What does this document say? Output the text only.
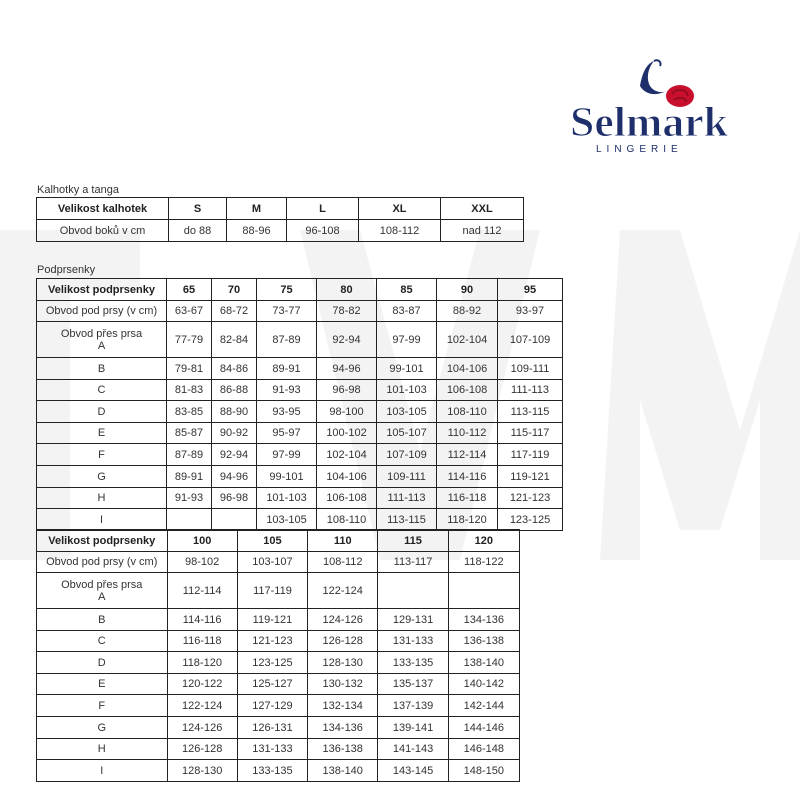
Selmark
LINGERIE
Kalhotky a tanga
Velikost kalhotek	S	M	L	XL	XXL
Obvod boků v cm	do 88	88-96	96-108	108-112	nad 112
Podprsenky
Velikost podprsenky	65	70	75	80	85	90	95
Obvod pod prsy (v cm)	63-67	68-72	73-77	78-82	83-87	88-92	93-97
Obvod přes prsa
A	77-79	82-84	87-89	92-94	97-99	102-104	107-109
B	79-81	84-86	89-91	94-96	99-101	104-106	109-111
C	81-83	86-88	91-93	96-98	101-103	106-108	111-113
D	83-85	88-90	93-95	98-100	103-105	108-110	113-115
E	85-87	90-92	95-97	100-102	105-107	110-112	115-117
F	87-89	92-94	97-99	102-104	107-109	112-114	117-119
G	89-91	94-96	99-101	104-106	109-111	114-116	119-121
H	91-93	96-98	101-103	106-108	111-113	116-118	121-123
I			103-105	108-110	113-115	118-120	123-125
Velikost podprsenky	100	105	110	115	120
Obvod pod prsy (v cm)	98-102	103-107	108-112	113-117	118-122
Obvod přes prsa
A	112-114	117-119	122-124		
B	114-116	119-121	124-126	129-131	134-136
C	116-118	121-123	126-128	131-133	136-138
D	118-120	123-125	128-130	133-135	138-140
E	120-122	125-127	130-132	135-137	140-142
F	122-124	127-129	132-134	137-139	142-144
G	124-126	126-131	134-136	139-141	144-146
H	126-128	131-133	136-138	141-143	146-148
I	128-130	133-135	138-140	143-145	148-150
